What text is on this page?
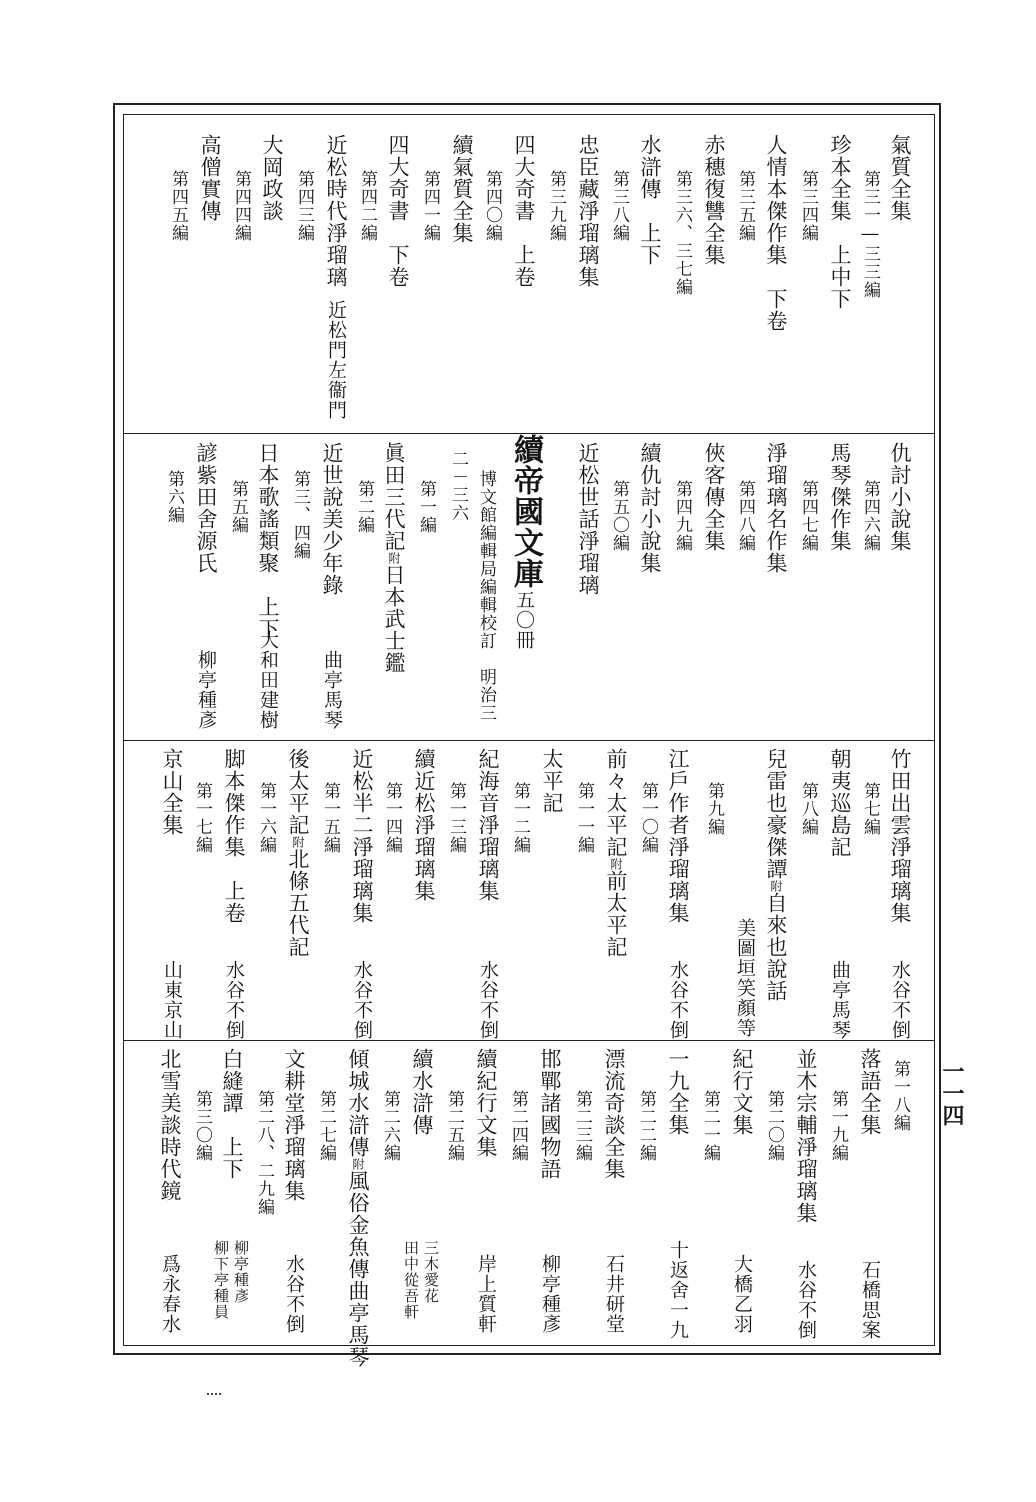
一一四
氣質全集
第三一―三三編
珍本全集　上中下
第三四編
人情本傑作集　下卷
第三五編
赤穗復讐全集
第三六、三七編
水滸傳　上下
第三八編
忠臣藏淨瑠璃集
第三九編
四大奇書　上卷
第四〇編
續氣質全集
第四一編
四大奇書　下卷
第四二編
近松時代淨瑠璃
近松門左衞門
第四三編
大岡政談
第四四編
高僧實傳
第四五編
仇討小說集
第四六編
馬琴傑作集
第四七編
淨瑠璃名作集
第四八編
俠客傳全集
第四九編
續仇討小說集
第五〇編
近松世話淨瑠璃
續帝國文庫
五〇冊
博文館編輯局編輯校訂　明治三
二－三六
第一編
眞田三代記附日本武士鑑
第二編
近世說美少年錄
曲亭馬琴
第三、四編
日本歌謠類聚　上下
大和田建樹
第五編
諺紫田舍源氏
柳亭種彥
第六編
竹田出雲淨瑠璃集
水谷不倒
第七編
朝夷巡島記
曲亭馬琴
第八編
兒雷也豪傑譚附自來也說話
美圖垣笑顏等
第九編
江戶作者淨瑠璃集
水谷不倒
第一〇編
前々太平記附前太平記
第一一編
太平記
第一二編
紀海音淨瑠璃集
水谷不倒
第一三編
續近松淨瑠璃集
第一四編
近松半二淨瑠璃集
水谷不倒
第一五編
後太平記附北條五代記
第一六編
脚本傑作集　上卷
水谷不倒
第一七編
京山全集
山東京山
第一八編
落語全集
石橋思案
第一九編
並木宗輔淨瑠璃集
水谷不倒
第二〇編
紀行文集
大橋乙羽
第二一編
一九全集
十返舍一九
第二二編
漂流奇談全集
石井研堂
第二三編
邯鄲諸國物語
柳亭種彥
第二四編
續紀行文集
岸上質軒
第二五編
續水滸傳
三木愛花
田中從吾軒
第二六編
傾城水滸傳附風俗金魚傳曲亭馬琴
第二七編
文耕堂淨瑠璃集
水谷不倒
第二八、二九編
白縫譚　上下
柳亭種彥
柳下亭種員
第三〇編
北雪美談時代鏡
爲永春水
